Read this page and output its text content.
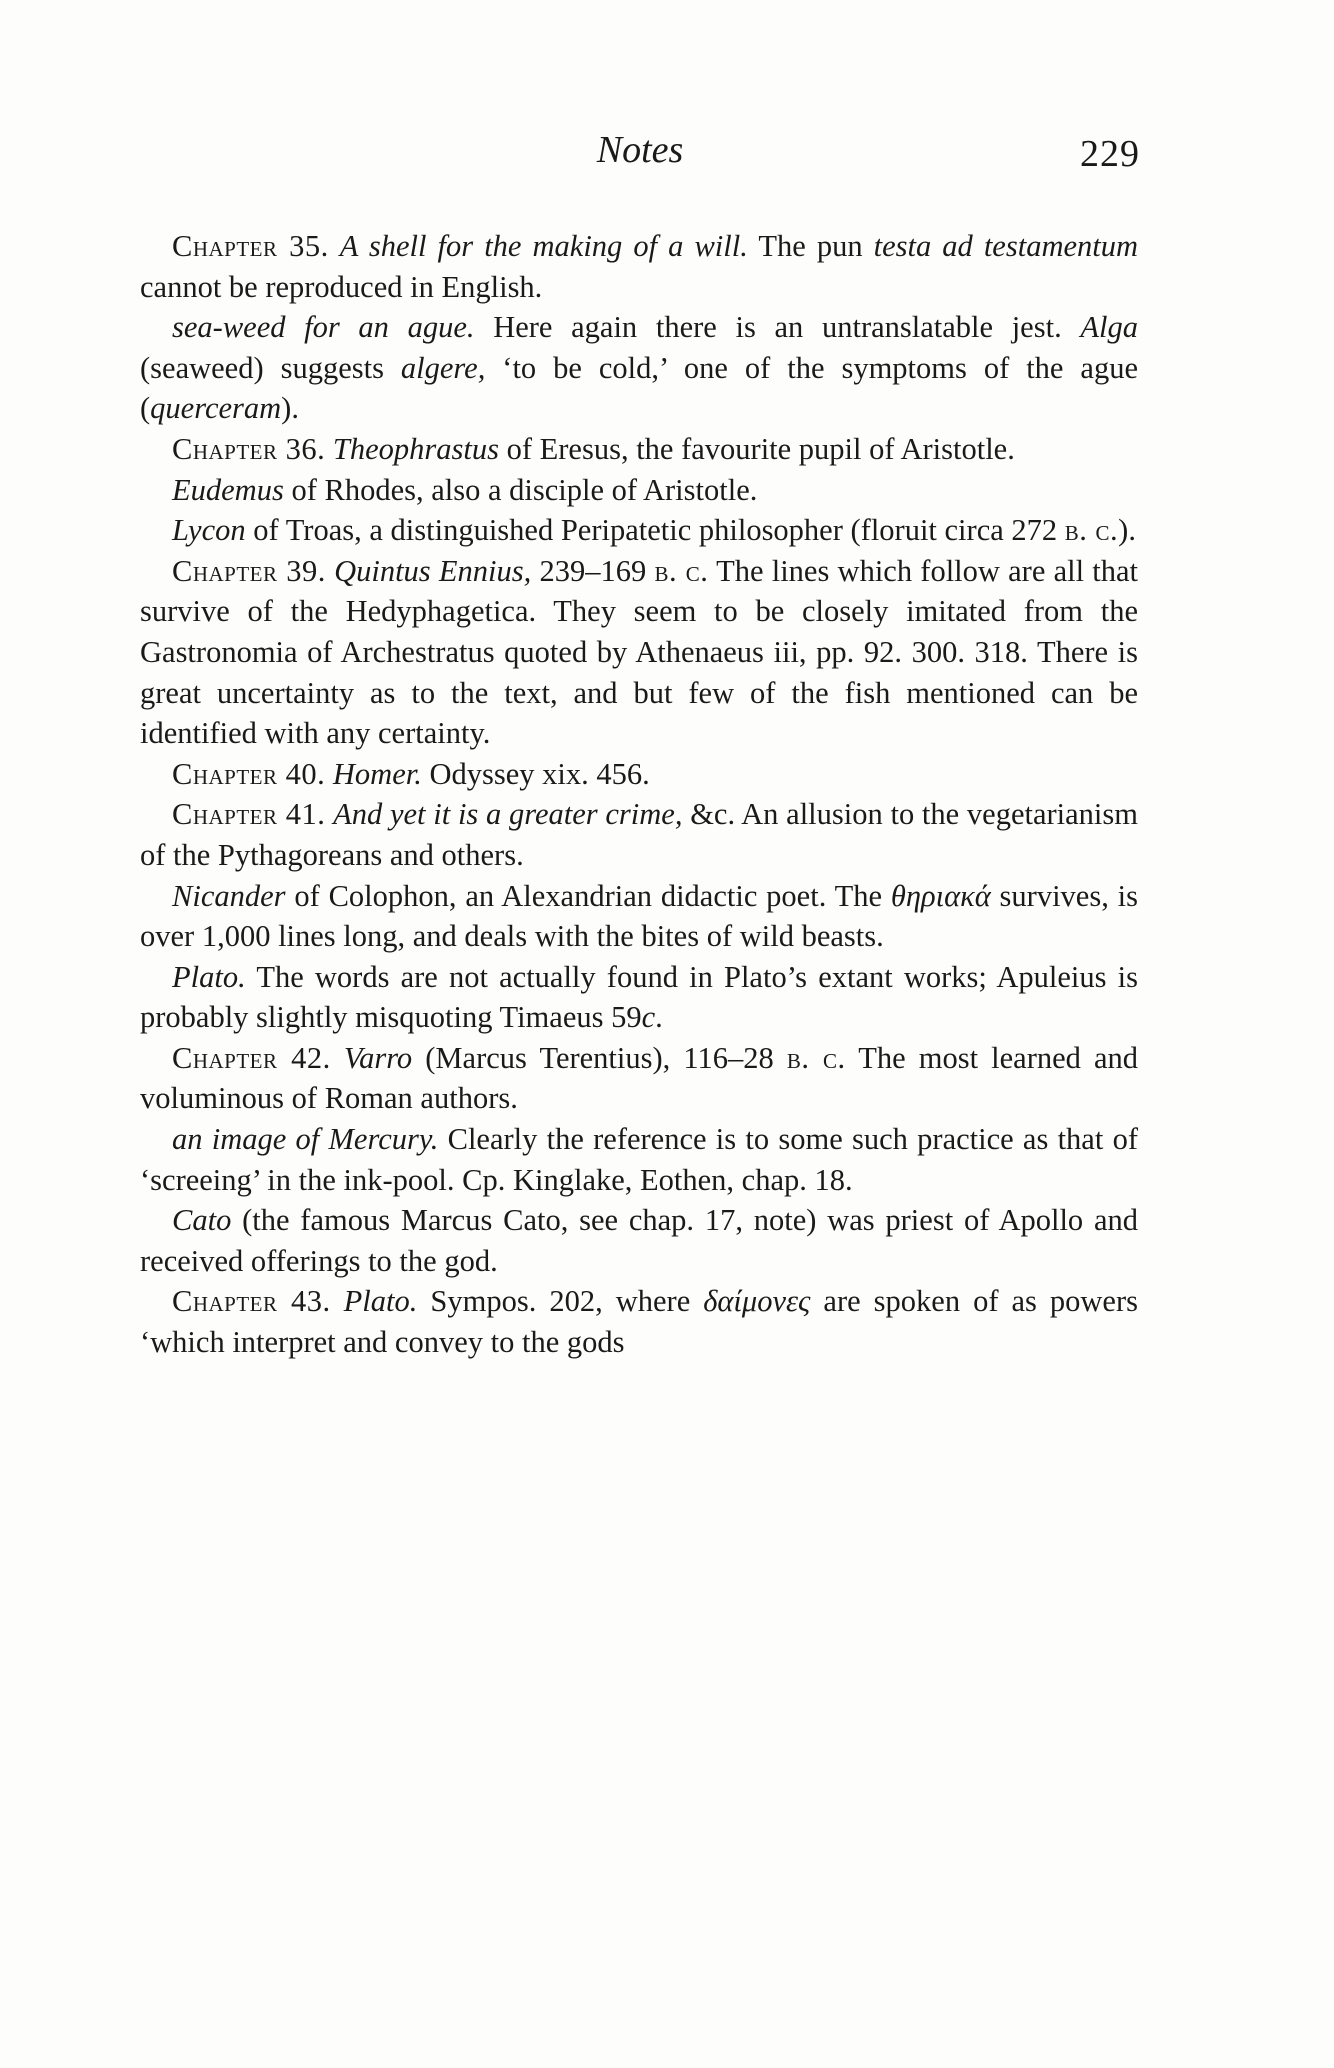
Notes	229

Chapter 35. A shell for the making of a will. The pun testa ad testamentum cannot be reproduced in English.

sea-weed for an ague. Here again there is an untranslatable jest. Alga (seaweed) suggests algere, ‘to be cold,’ one of the symptoms of the ague (querceram).

Chapter 36. Theophrastus of Eresus, the favourite pupil of Aristotle.

Eudemus of Rhodes, also a disciple of Aristotle.

Lycon of Troas, a distinguished Peripatetic philosopher (floruit circa 272 b. c.).

Chapter 39. Quintus Ennius, 239–169 b. c. The lines which follow are all that survive of the Hedyphagetica. They seem to be closely imitated from the Gastronomia of Archestratus quoted by Athenaeus iii, pp. 92. 300. 318. There is great uncertainty as to the text, and but few of the fish mentioned can be identified with any certainty.

Chapter 40. Homer. Odyssey xix. 456.

Chapter 41. And yet it is a greater crime, &c. An allusion to the vegetarianism of the Pythagoreans and others.

Nicander of Colophon, an Alexandrian didactic poet. The θηριακά survives, is over 1,000 lines long, and deals with the bites of wild beasts.

Plato. The words are not actually found in Plato’s extant works; Apuleius is probably slightly misquoting Timaeus 59c.

Chapter 42. Varro (Marcus Terentius), 116–28 b. c. The most learned and voluminous of Roman authors.

an image of Mercury. Clearly the reference is to some such practice as that of ‘screeing’ in the ink-pool. Cp. Kinglake, Eothen, chap. 18.

Cato (the famous Marcus Cato, see chap. 17, note) was priest of Apollo and received offerings to the god.

Chapter 43. Plato. Sympos. 202, where δαίμονες are spoken of as powers ‘which interpret and convey to the gods
